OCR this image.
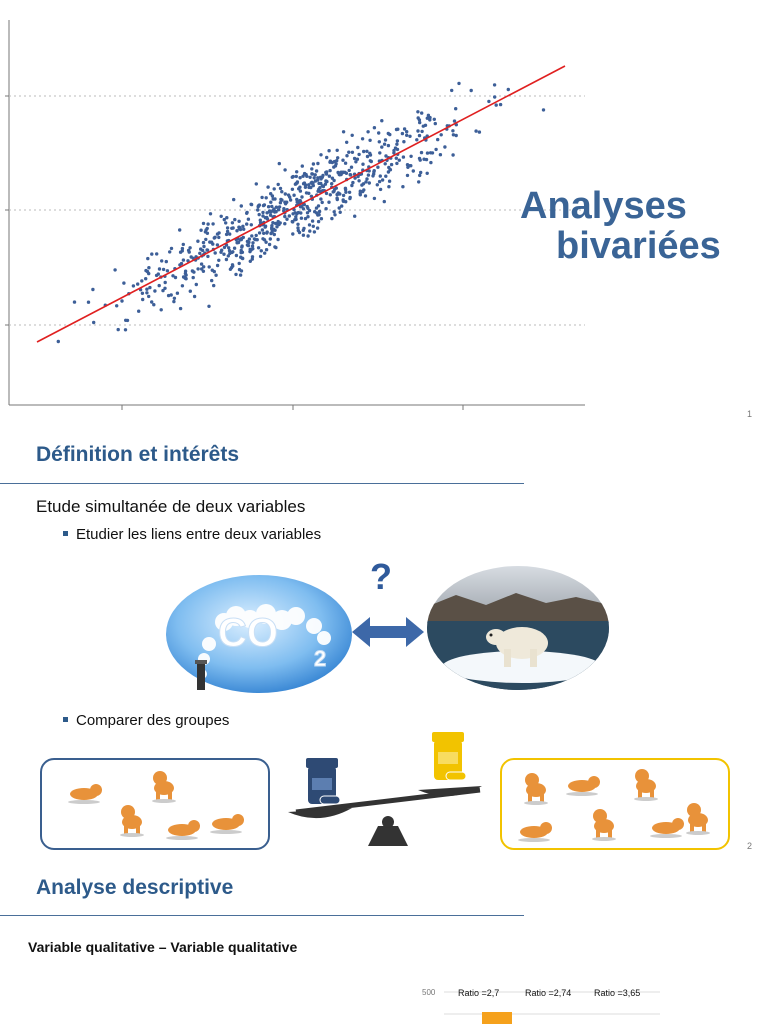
Analyses
bivariées
1
Définition et intérêts
Etude simultanée de deux variables
Etudier les liens entre deux variables
CO
2
?
Comparer des groupes
2
Analyse descriptive
Variable qualitative – Variable qualitative
500	Ratio =2,7	Ratio =2,74	Ratio =3,65
